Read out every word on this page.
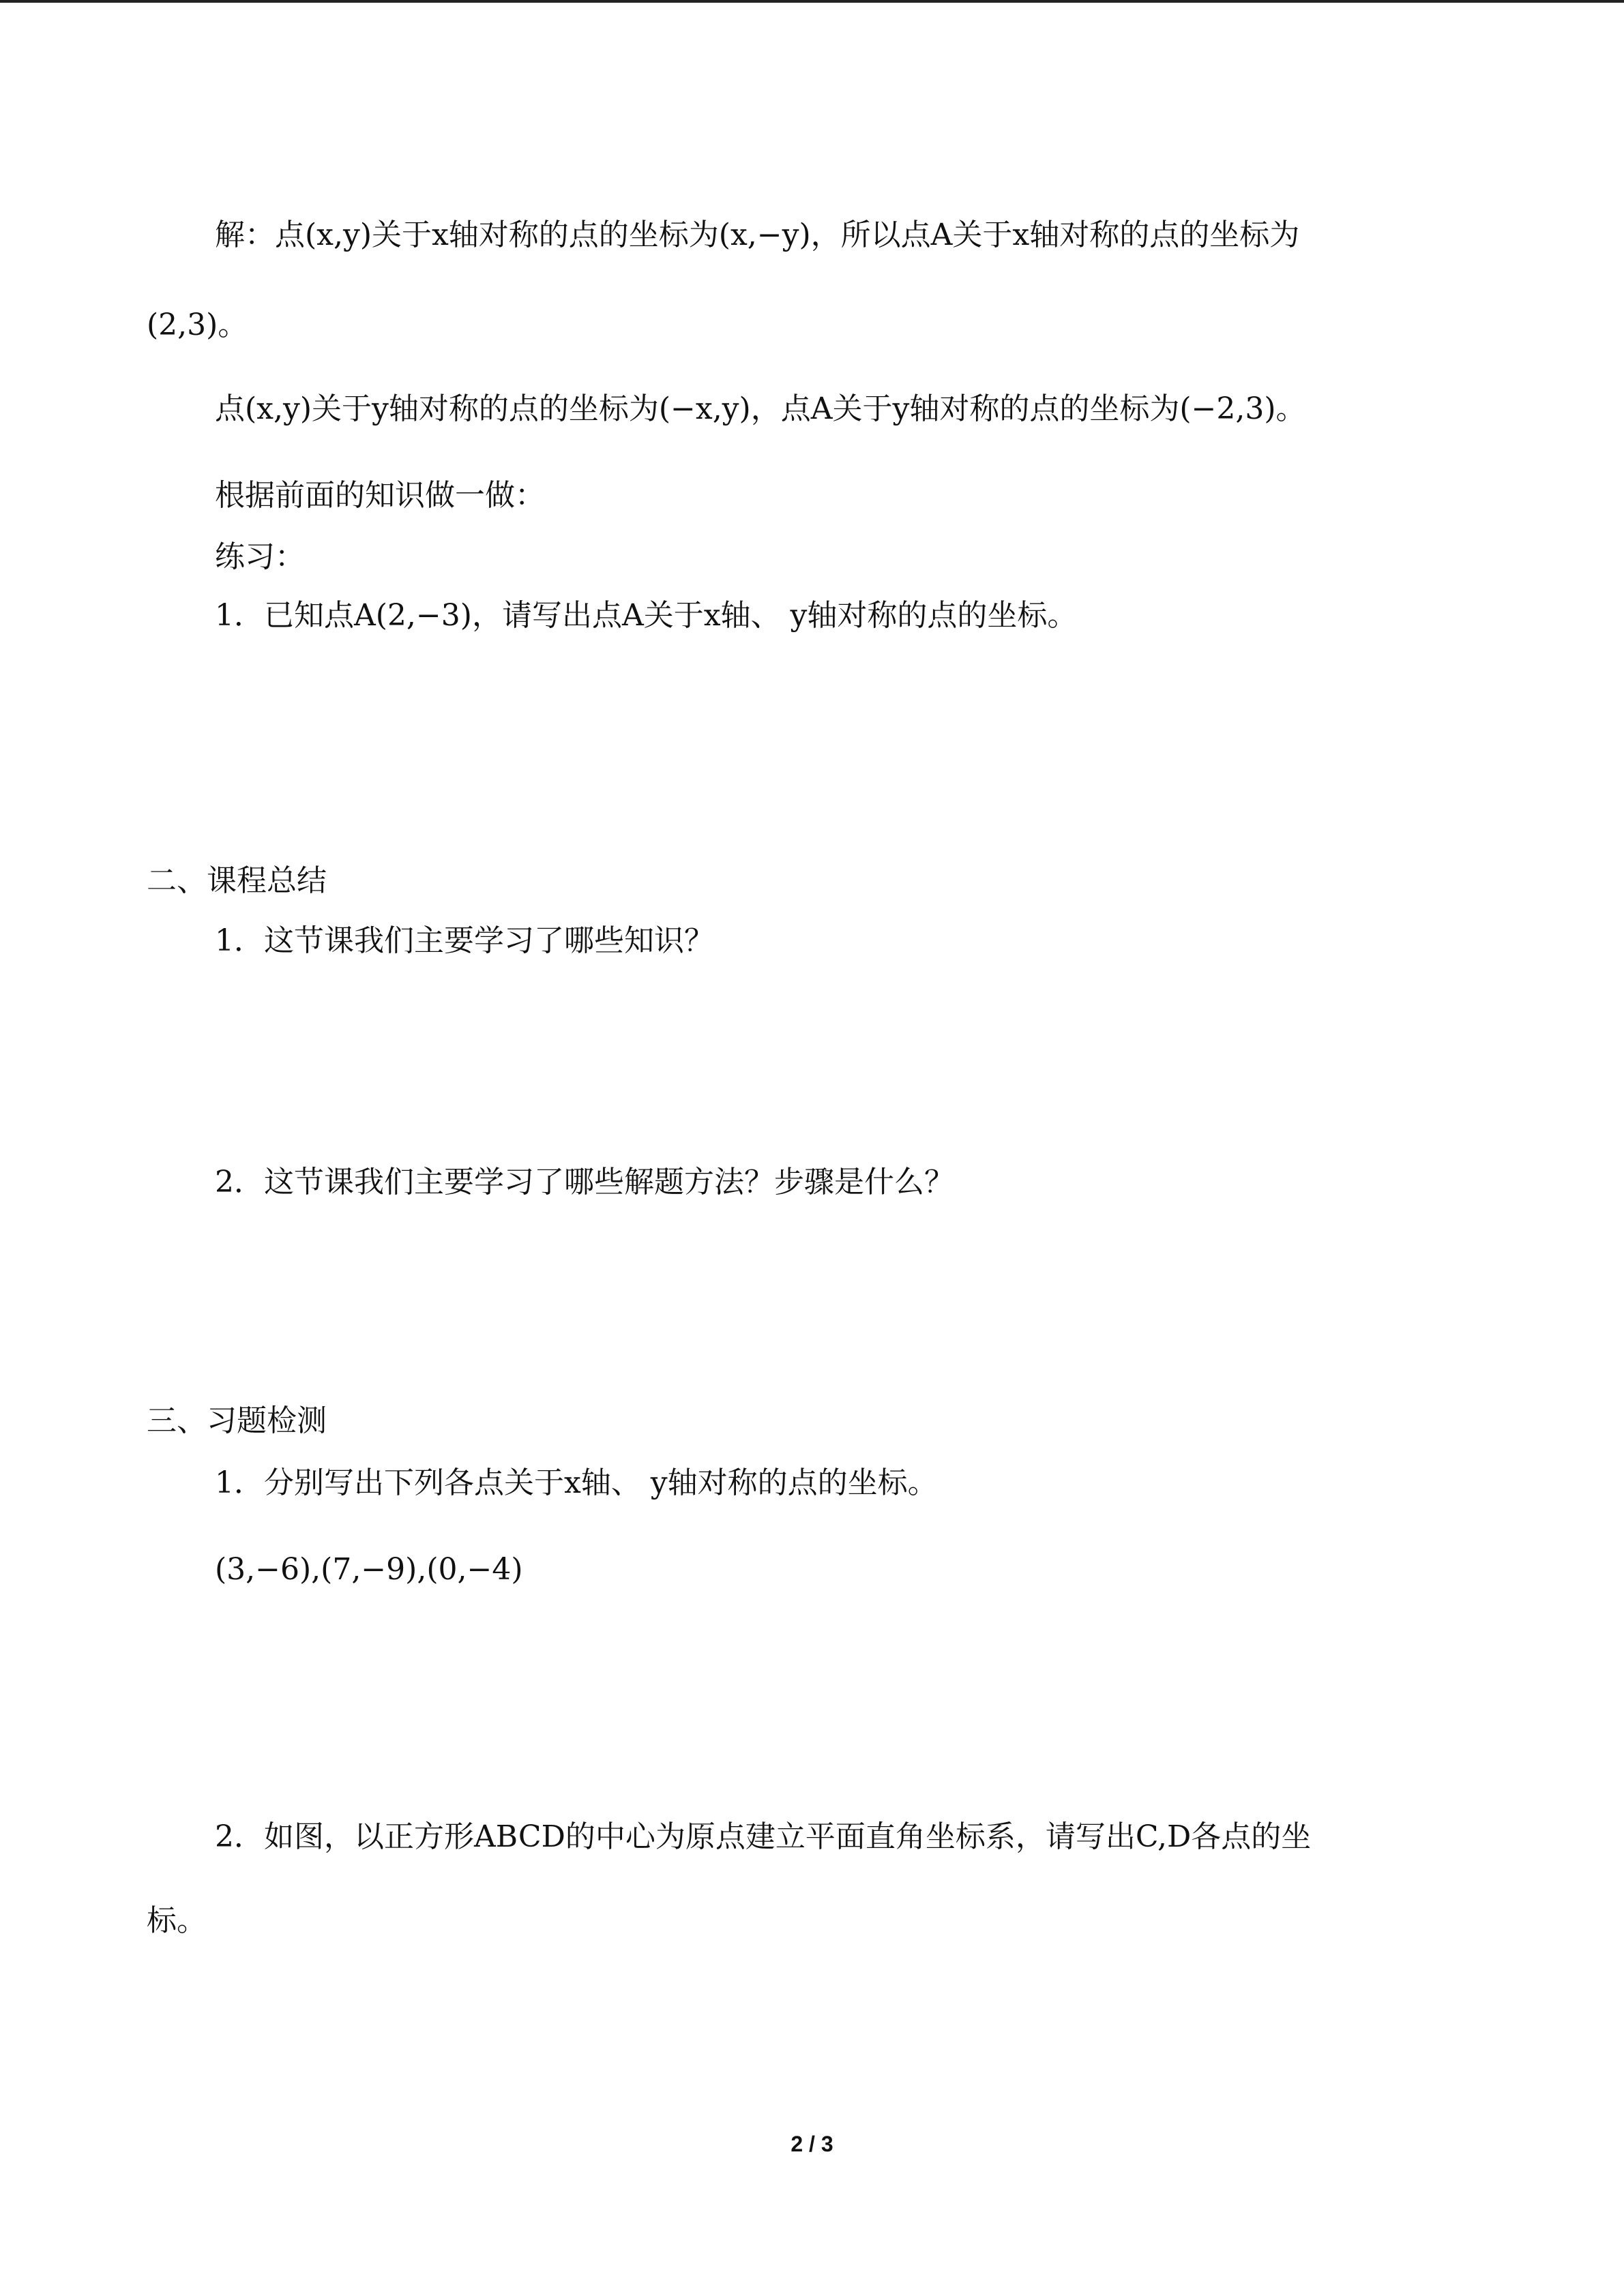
解：点(x,y)关于x轴对称的点的坐标为(x,−y)，所以点A关于x轴对称的点的坐标为
(2,3)。
点(x,y)关于y轴对称的点的坐标为(−x,y)，点A关于y轴对称的点的坐标为(−2,3)。
根据前面的知识做一做：
练习：
1．已知点A(2,−3)，请写出点A关于x轴、 y轴对称的点的坐标。
二、课程总结
1．这节课我们主要学习了哪些知识？
2．这节课我们主要学习了哪些解题方法？步骤是什么？
三、习题检测
1．分别写出下列各点关于x轴、 y轴对称的点的坐标。
(3,−6),(7,−9),(0,−4)
2．如图，以正方形ABCD的中心为原点建立平面直角坐标系，请写出C,D各点的坐
标。
2 / 3
